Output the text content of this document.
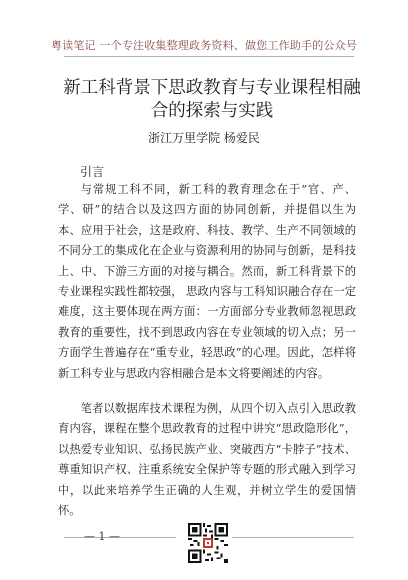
粤读笔记 一个专注收集整理政务资料、做您工作助手的公众号
新工科背景下思政教育与专业课程相融合的探索与实践
浙江万里学院 杨爱民
引言

与常规工科不同，新工科的教育理念在于“官、产、学、研”的结合以及这四方面的协同创新，并提倡以生为本、应用于社会，这是政府、科技、教学、生产不同领域的不同分工的集成化在企业与资源利用的协同与创新，是科技上、中、下游三方面的对接与耦合。然而，新工科背景下的专业课程实践性都较强， 思政内容与工科知识融合存在一定难度，这主要体现在两方面：一方面部分专业教师忽视思政教育的重要性，找不到思政内容在专业领域的切入点；另一方面学生普遍存在“重专业，轻思政”的心理。因此，怎样将新工科专业与思政内容相融合是本文将要阐述的内容。

笔者以数据库技术课程为例，从四个切入点引入思政教育内容，课程在整个思政教育的过程中讲究“思政隐形化”，以热爱专业知识、弘扬民族产业、突破西方“卡脖子”技术、尊重知识产权、注重系统安全保护等专题的形式融入到学习中，以此来培养学生正确的人生观，并树立学生的爱国情怀。

— 1 —
